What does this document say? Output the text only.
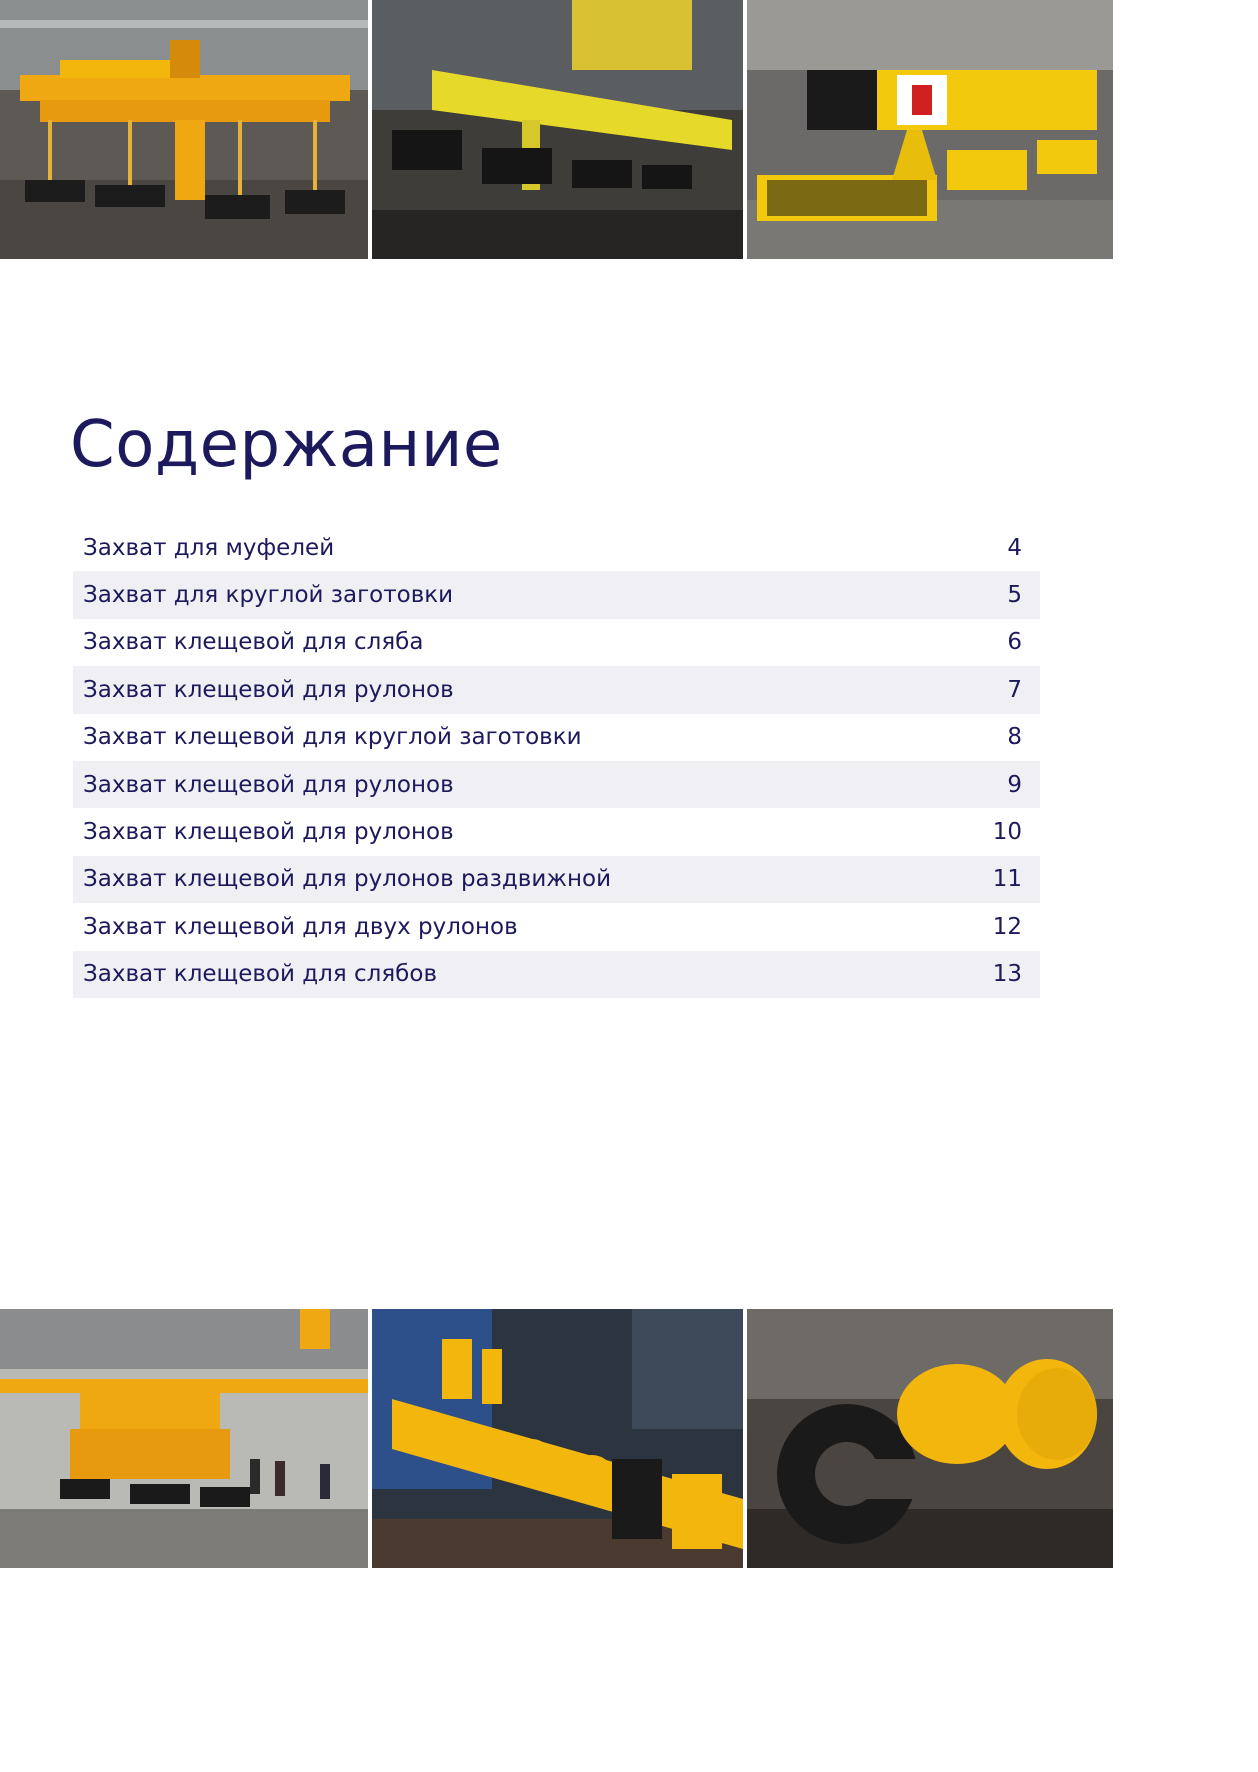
Содержание
Захват для муфелей	4
Захват для круглой заготовки	5
Захват клещевой для сляба	6
Захват клещевой для рулонов	7
Захват клещевой для круглой заготовки	8
Захват клещевой для рулонов	9
Захват клещевой для рулонов	10
Захват клещевой для рулонов раздвижной	11
Захват клещевой для двух рулонов	12
Захват клещевой для слябов	13
